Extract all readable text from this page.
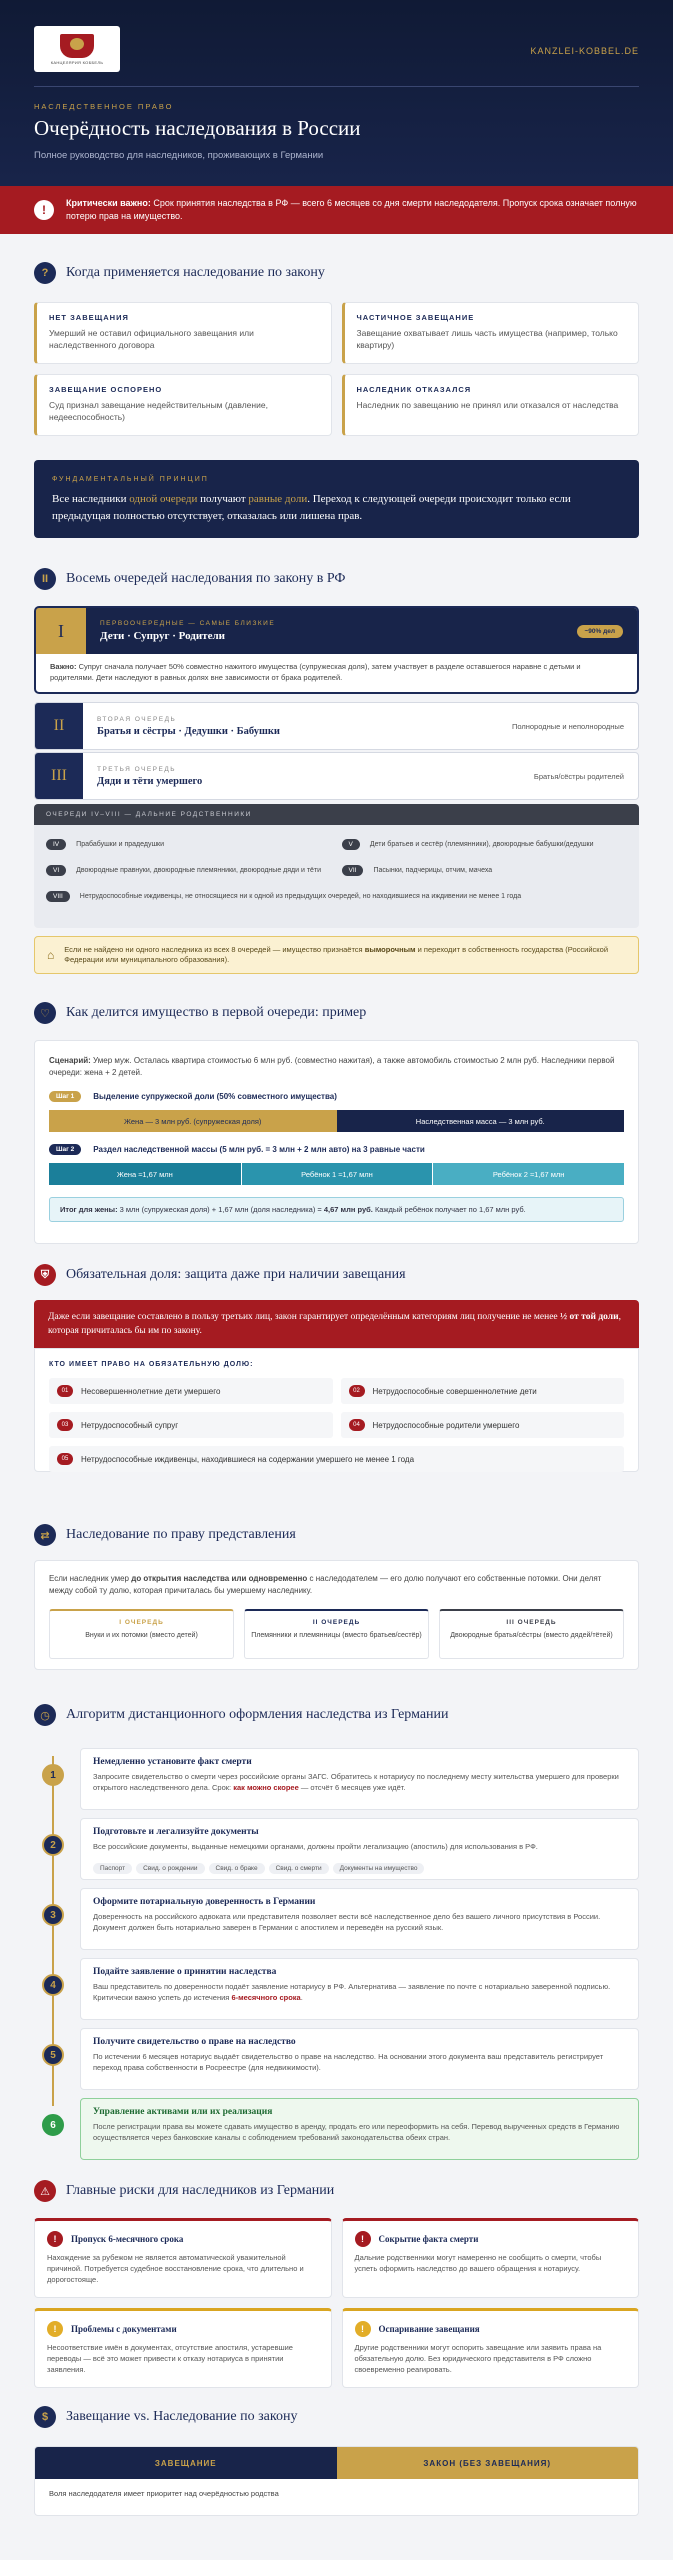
КАНЦЕЛЯРИЯ КОББЕЛЬ
KANZLEI-KOBBEL.DE
НАСЛЕДСТВЕННОЕ ПРАВО
Очерёдность наследования в России
Полное руководство для наследников, проживающих в Германии
!

Критически важно: Срок принятия наследства в РФ — всего 6 месяцев со дня смерти наследодателя. Пропуск срока означает полную потерю прав на имущество.

?	Когда применяется наследование по закону
НЕТ ЗАВЕЩАНИЯ
Умерший не оставил официального завещания или наследственного договора
ЧАСТИЧНОЕ ЗАВЕЩАНИЕ
Завещание охватывает лишь часть имущества (например, только квартиру)
ЗАВЕЩАНИЕ ОСПОРЕНО
Суд признал завещание недействительным (давление, недееспособность)
НАСЛЕДНИК ОТКАЗАЛСЯ
Наследник по завещанию не принял или отказался от наследства
ФУНДАМЕНТАЛЬНЫЙ ПРИНЦИП
Все наследники одной очереди получают равные доли. Переход к следующей очереди происходит только если предыдущая полностью отсутствует, отказалась или лишена прав.
II	Восемь очередей наследования по закону в РФ
I	ПЕРВООЧЕРЕДНЫЕ — САМЫЕ БЛИЗКИЕ
Дети · Супруг · Родители	~90% дел
Важно: Супруг сначала получает 50% совместно нажитого имущества (супружеская доля), затем участвует в разделе оставшегося наравне с детьми и родителями. Дети наследуют в равных долях вне зависимости от брака родителей.
II	ВТОРАЯ ОЧЕРЕДЬ
Братья и сёстры · Дедушки · Бабушки	Полнородные и неполнородные
III	ТРЕТЬЯ ОЧЕРЕДЬ
Дяди и тёти умершего	Братья/сёстры родителей
ОЧЕРЕДИ IV–VIII — ДАЛЬНИЕ РОДСТВЕННИКИ
IV	Прабабушки и прадедушки	V	Дети братьев и сестёр (племянники), двоюродные бабушки/дедушки
VI	Двоюродные правнуки, двоюродные племянники, двоюродные дяди и тёти	VII	Пасынки, падчерицы, отчим, мачеха
VIII	Нетрудоспособные иждивенцы, не относящиеся ни к одной из предыдущих очередей, но находившиеся на иждивении не менее 1 года
⌂ Если не найдено ни одного наследника из всех 8 очередей — имущество признаётся выморочным и переходит в собственность государства (Российской Федерации или муниципального образования).
♡	Как делится имущество в первой очереди: пример
Сценарий: Умер муж. Осталась квартира стоимостью 6 млн руб. (совместно нажитая), а также автомобиль стоимостью 2 млн руб. Наследники первой очереди: жена + 2 детей.
Шаг 1	Выделение супружеской доли (50% совместного имущества)
Жена — 3 млн руб. (супружеская доля)	Наследственная масса — 3 млн руб.
Шаг 2	Раздел наследственной массы (5 млн руб. = 3 млн + 2 млн авто) на 3 равные части
Жена ≈1,67 млн	Ребёнок 1 ≈1,67 млн	Ребёнок 2 ≈1,67 млн
Итог для жены: 3 млн (супружеская доля) + 1,67 млн (доля наследника) = 4,67 млн руб. Каждый ребёнок получает по 1,67 млн руб.
⛨	Обязательная доля: защита даже при наличии завещания
Даже если завещание составлено в пользу третьих лиц, закон гарантирует определённым категориям лиц получение не менее ½ от той доли, которая причиталась бы им по закону.
КТО ИМЕЕТ ПРАВО НА ОБЯЗАТЕЛЬНУЮ ДОЛЮ:
01	Несовершеннолетние дети умершего	02	Нетрудоспособные совершеннолетние дети
03	Нетрудоспособный супруг	04	Нетрудоспособные родители умершего
05	Нетрудоспособные иждивенцы, находившиеся на содержании умершего не менее 1 года
⇄	Наследование по праву представления
Если наследник умер до открытия наследства или одновременно с наследодателем — его долю получают его собственные потомки. Они делят между собой ту долю, которая причиталась бы умершему наследнику.
I ОЧЕРЕДЬ
Внуки и их потомки (вместо детей)
II ОЧЕРЕДЬ
Племянники и племянницы (вместо братьев/сестёр)
III ОЧЕРЕДЬ
Двоюродные братья/сёстры (вместо дядей/тётей)
◷	Алгоритм дистанционного оформления наследства из Германии
1
Немедленно установите факт смерти
Запросите свидетельство о смерти через российские органы ЗАГС. Обратитесь к нотариусу по последнему месту жительства умершего для проверки открытого наследственного дела. Срок: как можно скорее — отсчёт 6 месяцев уже идёт.
2
Подготовьте и легализуйте документы
Все российские документы, выданные немецкими органами, должны пройти легализацию (апостиль) для использования в РФ.
Паспорт	Свид. о рождении	Свид. о браке	Свид. о смерти	Документы на имущество
3
Оформите потариальную доверенность в Германии
Доверенность на российского адвоката или представителя позволяет вести всё наследственное дело без вашего личного присутствия в России. Документ должен быть нотариально заверен в Германии с апостилем и переведён на русский язык.
4
Подайте заявление о принятии наследства
Ваш представитель по доверенности подаёт заявление нотариусу в РФ. Альтернатива — заявление по почте с нотариально заверенной подписью. Критически важно успеть до истечения 6-месячного срока.
5
Получите свидетельство о праве на наследство
По истечении 6 месяцев нотариус выдаёт свидетельство о праве на наследство. На основании этого документа ваш представитель регистрирует переход права собственности в Росреестре (для недвижимости).
6
Управление активами или их реализация
После регистрации права вы можете сдавать имущество в аренду, продать его или переоформить на себя. Перевод вырученных средств в Германию осуществляется через банковские каналы с соблюдением требований законодательства обеих стран.
⚠	Главные риски для наследников из Германии
!	Пропуск 6-месячного срока
Нахождение за рубежом не является автоматической уважительной причиной. Потребуется судебное восстановление срока, что длительно и дорогостояще.
!	Сокрытие факта смерти
Дальние родственники могут намеренно не сообщить о смерти, чтобы успеть оформить наследство до вашего обращения к нотариусу.
!	Проблемы с документами
Несоответствие имён в документах, отсутствие апостиля, устаревшие переводы — всё это может привести к отказу нотариуса в принятии заявления.
!	Оспаривание завещания
Другие родственники могут оспорить завещание или заявить права на обязательную долю. Без юридического представителя в РФ сложно своевременно реагировать.
$	Завещание vs. Наследование по закону
ЗАВЕЩАНИЕ	ЗАКОН (БЕЗ ЗАВЕЩАНИЯ)
Воля наследодателя имеет приоритет над очерёдностью родства
